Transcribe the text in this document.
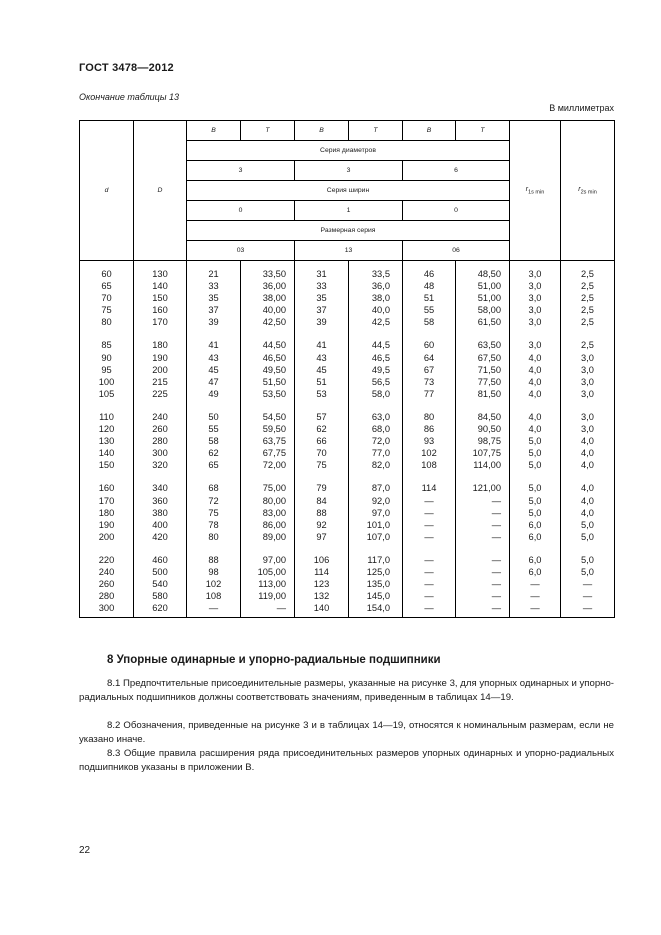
ГОСТ 3478—2012
Окончание таблицы 13
В миллиметрах
d	D	B	T	B	T	B	T	$r_{1s min}$	$r_{2s min}$
		Серия диаметров							
		3		3		6			
		Серия ширин							
		0		1		0			
		Размерная серия							
		03		13		06			
60	130	21	33,50	31	33,5	46	48,50	3,0	2,5
65	140	33	36,00	33	36,0	48	51,00	3,0	2,5
70	150	35	38,00	35	38,0	51	51,00	3,0	2,5
75	160	37	40,00	37	40,0	55	58,00	3,0	2,5
80	170	39	42,50	39	42,5	58	61,50	3,0	2,5
85	180	41	44,50	41	44,5	60	63,50	3,0	2,5
90	190	43	46,50	43	46,5	64	67,50	4,0	3,0
95	200	45	49,50	45	49,5	67	71,50	4,0	3,0
100	215	47	51,50	51	56,5	73	77,50	4,0	3,0
105	225	49	53,50	53	58,0	77	81,50	4,0	3,0
110	240	50	54,50	57	63,0	80	84,50	4,0	3,0
120	260	55	59,50	62	68,0	86	90,50	4,0	3,0
130	280	58	63,75	66	72,0	93	98,75	5,0	4,0
140	300	62	67,75	70	77,0	102	107,75	5,0	4,0
150	320	65	72,00	75	82,0	108	114,00	5,0	4,0
160	340	68	75,00	79	87,0	114	121,00	5,0	4,0
170	360	72	80,00	84	92,0	—	—	5,0	4,0
180	380	75	83,00	88	97,0	—	—	5,0	4,0
190	400	78	86,00	92	101,0	—	—	6,0	5,0
200	420	80	89,00	97	107,0	—	—	6,0	5,0
220	460	88	97,00	106	117,0	—	—	6,0	5,0
240	500	98	105,00	114	125,0	—	—	6,0	5,0
260	540	102	113,00	123	135,0	—	—	—	—
280	580	108	119,00	132	145,0	—	—	—	—
300	620	—	—	140	154,0	—	—	—	—
8 Упорные одинарные и упорно-радиальные подшипники
8.1 Предпочтительные присоединительные размеры, указанные на рисунке 3, для упорных одинарных и упорно-радиальных подшипников должны соответствовать значениям, приведенным в таблицах 14—19.
8.2 Обозначения, приведенные на рисунке 3 и в таблицах 14—19, относятся к номинальным размерам, если не указано иначе.
8.3 Общие правила расширения ряда присоединительных размеров упорных одинарных и упорно-радиальных подшипников указаны в приложении В.
22
